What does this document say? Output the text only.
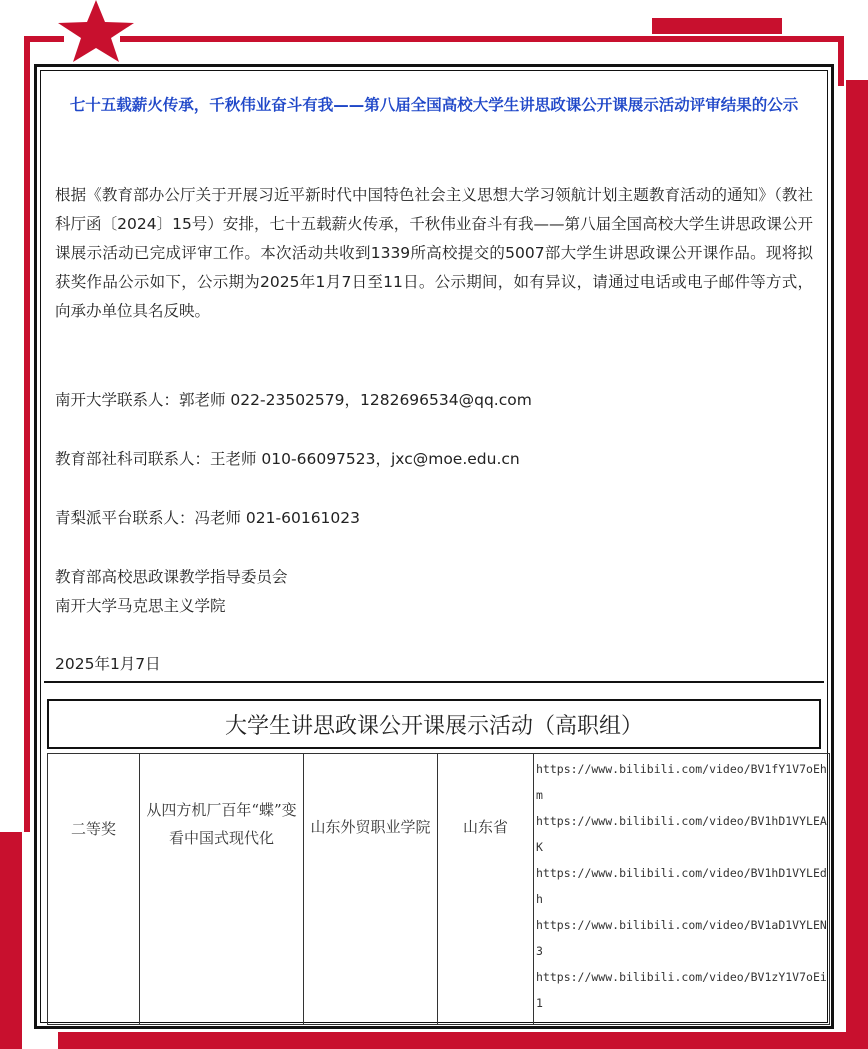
七十五载薪火传承，千秋伟业奋斗有我——第八届全国高校大学生讲思政课公开课展示活动评审结果的公示
根据《教育部办公厅关于开展习近平新时代中国特色社会主义思想大学习领航计划主题教育活动的通知》（教社科厅函〔2024〕15号）安排，七十五载薪火传承，千秋伟业奋斗有我——第八届全国高校大学生讲思政课公开课展示活动已完成评审工作。本次活动共收到1339所高校提交的5007部大学生讲思政课公开课作品。现将拟获奖作品公示如下，公示期为2025年1月7日至11日。公示期间，如有异议，请通过电话或电子邮件等方式，向承办单位具名反映。
南开大学联系人：郭老师 022-23502579，1282696534@qq.com
教育部社科司联系人：王老师 010-66097523，jxc@moe.edu.cn
青梨派平台联系人：冯老师 021-60161023
教育部高校思政课教学指导委员会
南开大学马克思主义学院
2025年1月7日
大学生讲思政课公开课展示活动（高职组）
二等奖	从四方机厂百年“蝶”变 看中国式现代化	山东外贸职业学院	山东省	
https://www.bilibili.com/video/BV1fY1V7oEhm
https://www.bilibili.com/video/BV1hD1VYLEAK
https://www.bilibili.com/video/BV1hD1VYLEdh
https://www.bilibili.com/video/BV1aD1VYLEN3
https://www.bilibili.com/video/BV1zY1V7oEi1
